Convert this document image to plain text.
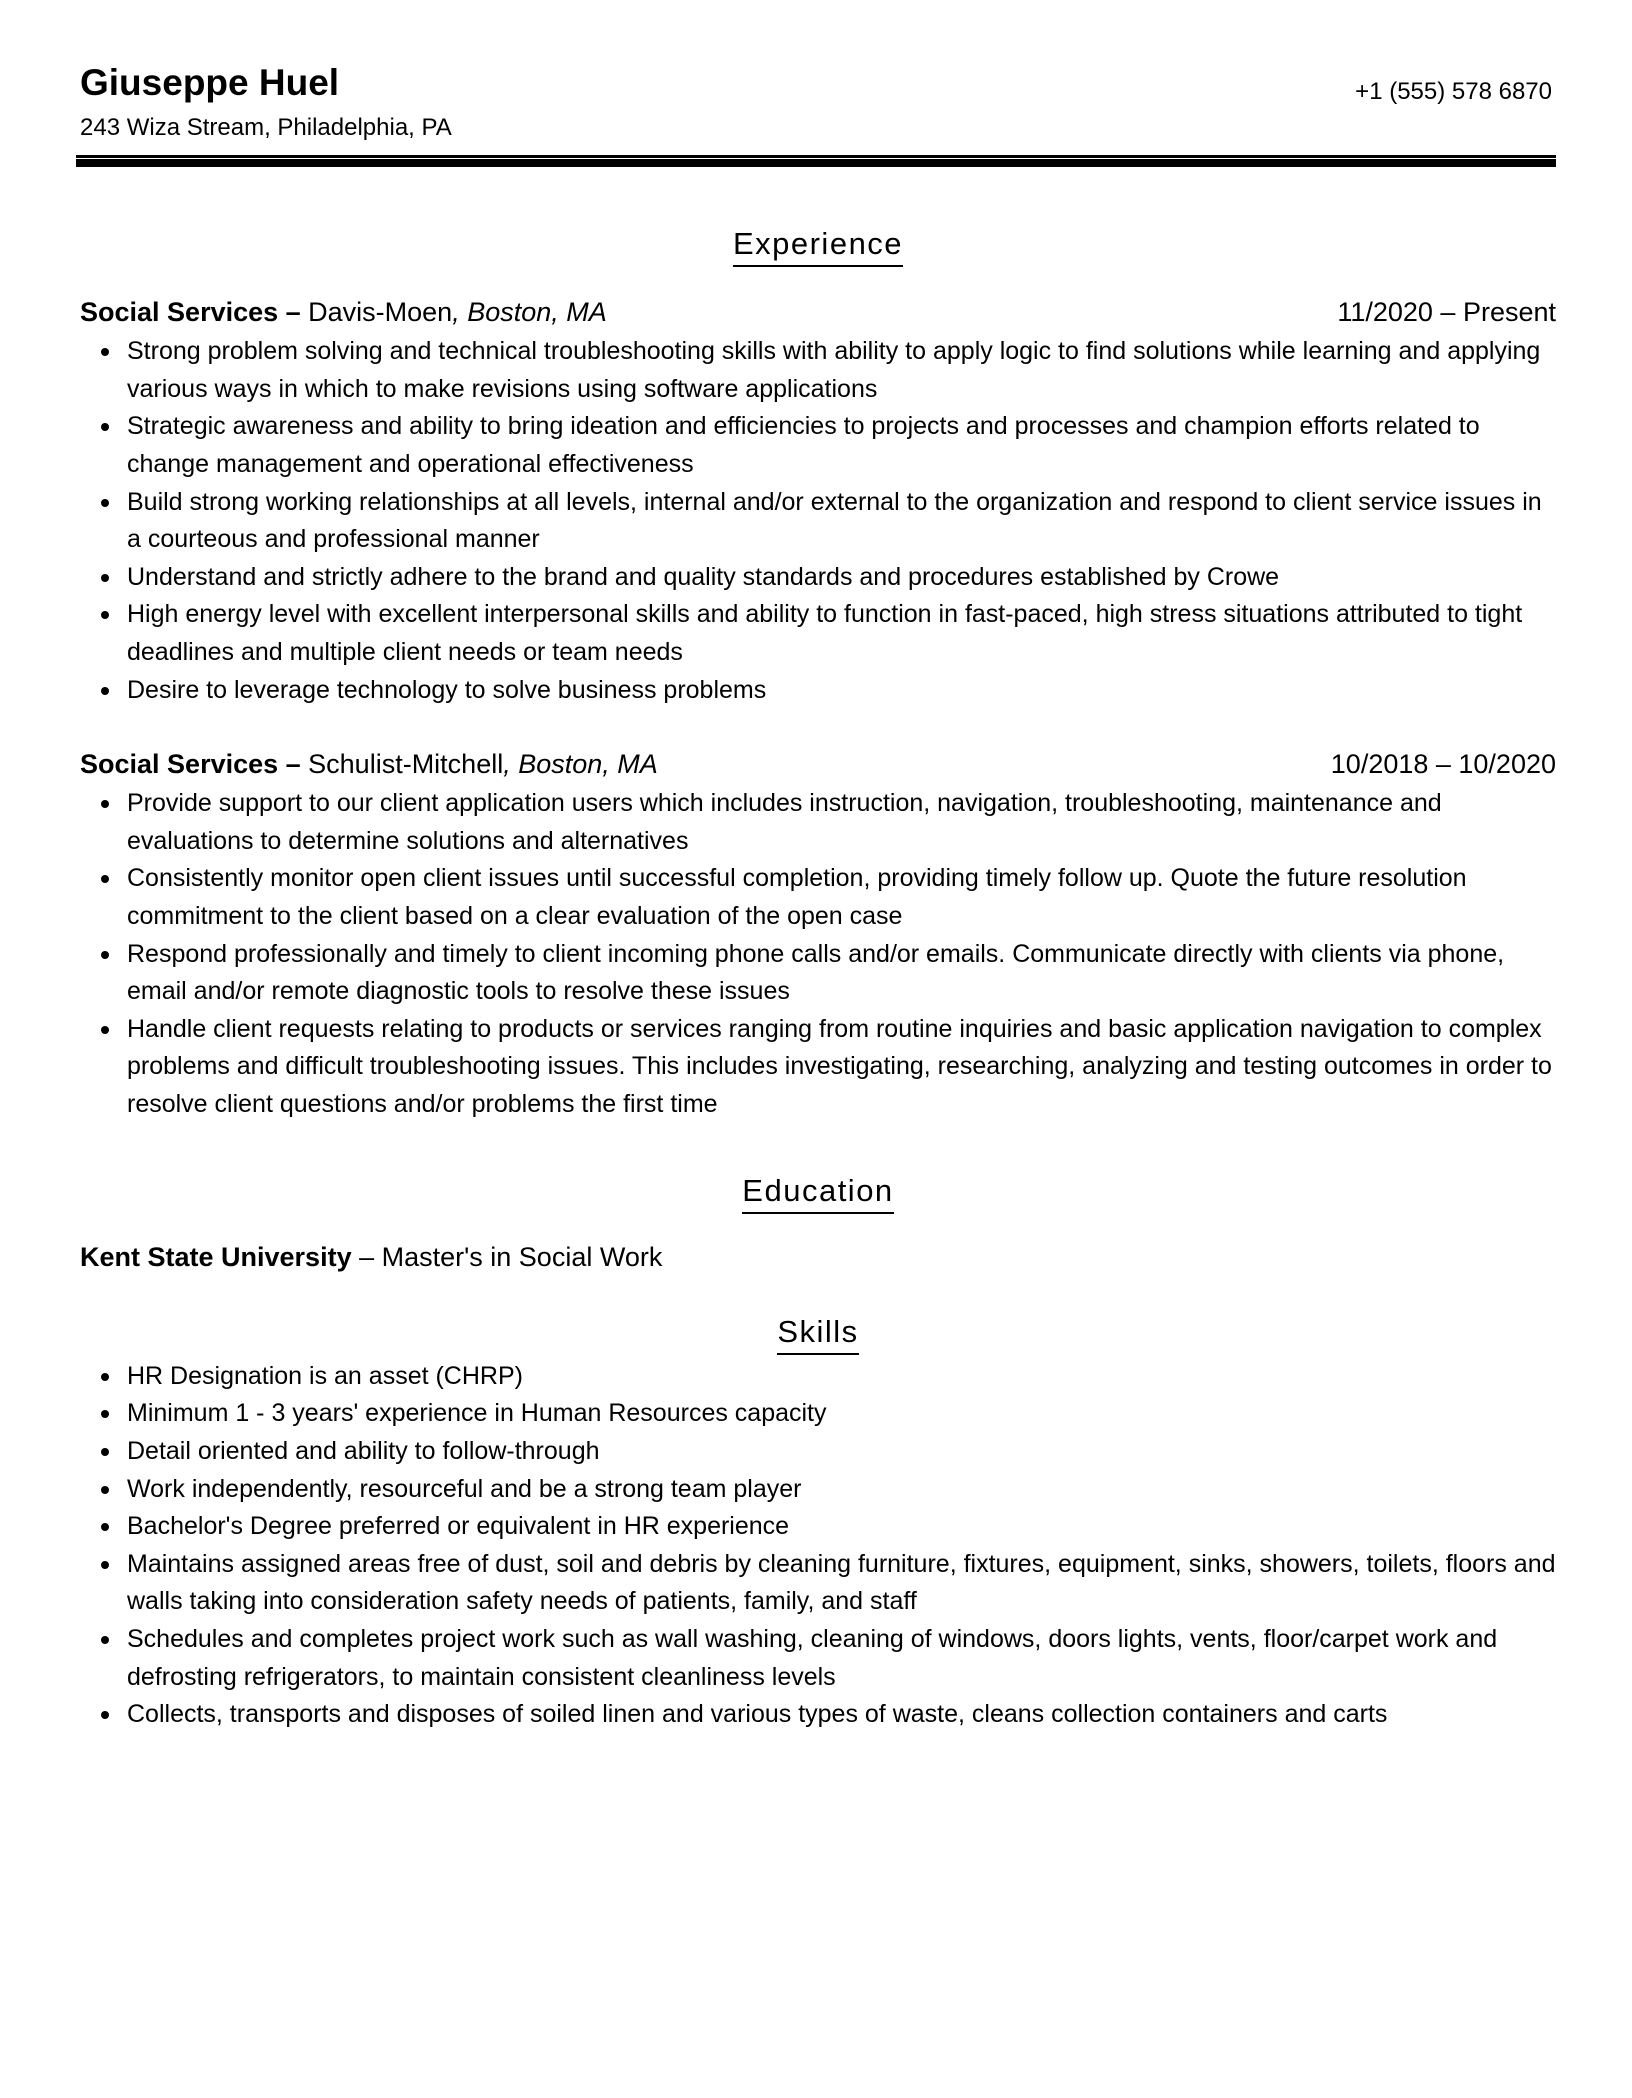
Giuseppe Huel
243 Wiza Stream, Philadelphia, PA
+1 (555) 578 6870
Experience
Social Services – Davis-Moen, Boston, MA	11/2020 – Present
Strong problem solving and technical troubleshooting skills with ability to apply logic to find solutions while learning and applying various ways in which to make revisions using software applications
Strategic awareness and ability to bring ideation and efficiencies to projects and processes and champion efforts related to change management and operational effectiveness
Build strong working relationships at all levels, internal and/or external to the organization and respond to client service issues in a courteous and professional manner
Understand and strictly adhere to the brand and quality standards and procedures established by Crowe
High energy level with excellent interpersonal skills and ability to function in fast-paced, high stress situations attributed to tight deadlines and multiple client needs or team needs
Desire to leverage technology to solve business problems
Social Services – Schulist-Mitchell, Boston, MA	10/2018 – 10/2020
Provide support to our client application users which includes instruction, navigation, troubleshooting, maintenance and evaluations to determine solutions and alternatives
Consistently monitor open client issues until successful completion, providing timely follow up. Quote the future resolution commitment to the client based on a clear evaluation of the open case
Respond professionally and timely to client incoming phone calls and/or emails. Communicate directly with clients via phone, email and/or remote diagnostic tools to resolve these issues
Handle client requests relating to products or services ranging from routine inquiries and basic application navigation to complex problems and difficult troubleshooting issues. This includes investigating, researching, analyzing and testing outcomes in order to resolve client questions and/or problems the first time
Education
Kent State University – Master's in Social Work
Skills
HR Designation is an asset (CHRP)
Minimum 1 - 3 years' experience in Human Resources capacity
Detail oriented and ability to follow-through
Work independently, resourceful and be a strong team player
Bachelor's Degree preferred or equivalent in HR experience
Maintains assigned areas free of dust, soil and debris by cleaning furniture, fixtures, equipment, sinks, showers, toilets, floors and walls taking into consideration safety needs of patients, family, and staff
Schedules and completes project work such as wall washing, cleaning of windows, doors lights, vents, floor/carpet work and defrosting refrigerators, to maintain consistent cleanliness levels
Collects, transports and disposes of soiled linen and various types of waste, cleans collection containers and carts
